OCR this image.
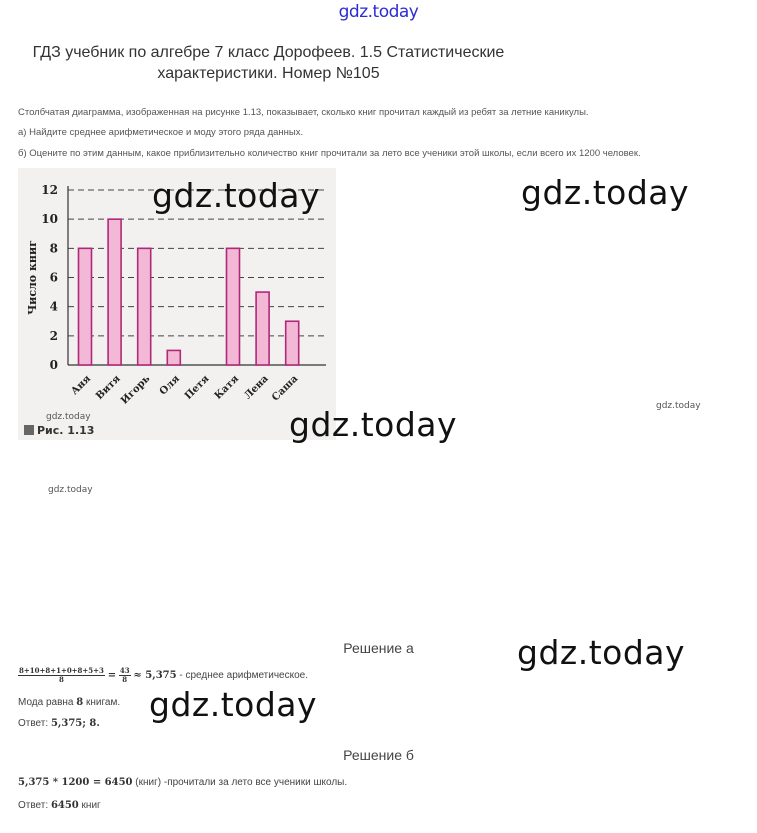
gdz.today
ГДЗ учебник по алгебре 7 класс Дорофеев. 1.5 Статистические
характеристики. Номер №105
Столбчатая диаграмма, изображенная на рисунке 1.13, показывает, сколько книг прочитал каждый из ребят за летние каникулы.
а) Найдите среднее арифметическое и моду этого ряда данных.
б) Оцените по этим данным, какое приблизительно количество книг прочитали за лето все ученики этой школы, если всего их 1200 человек.
Число книг
0
2
4
6
8
10
12
Аня Витя
Игорь Оля Петя Катя Лена Саша
Рис. 1.13
gdz.today	gdz.today
gdz.today
gdz.today
gdz.today
gdz.today
gdz.today
gdz.today
Решение а
$\frac{8+10+8+1+0+8+5+3}{8} = \frac{43}{8} \approx 5,375$ - среднее арифметическое.
Мода равна 8 книгам.
Ответ: 5,375; 8.
Решение б
5,375 * 1200 = 6450 (книг) -прочитали за лето все ученики школы.
Ответ: 6450 книг
